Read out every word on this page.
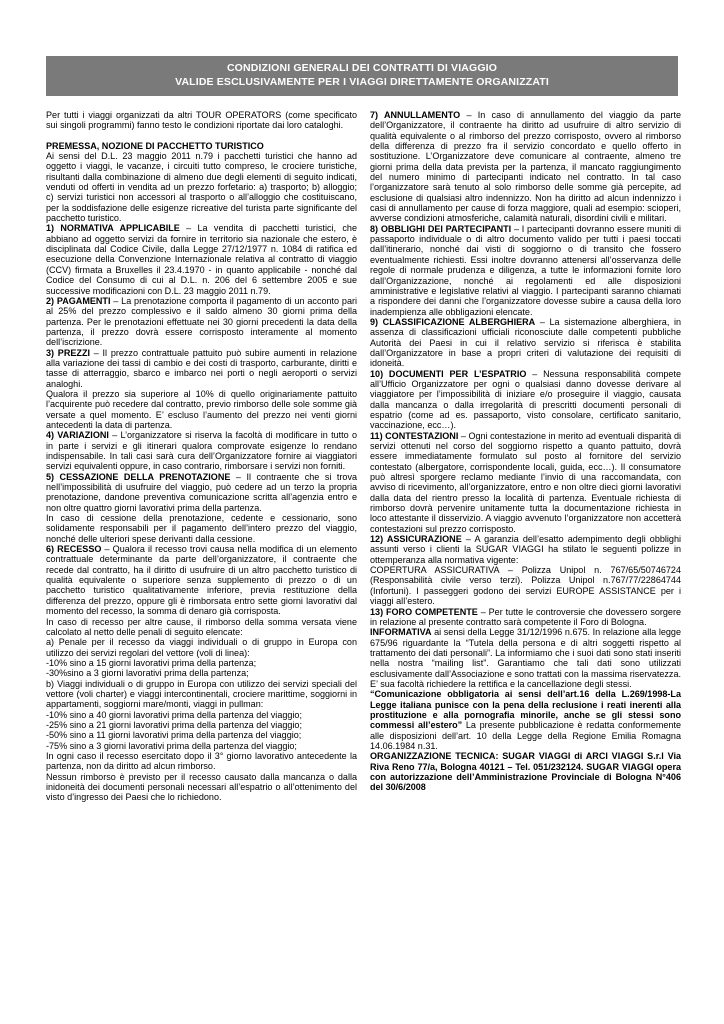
CONDIZIONI GENERALI DEI CONTRATTI DI VIAGGIO
VALIDE ESCLUSIVAMENTE PER I VIAGGI DIRETTAMENTE ORGANIZZATI

Per tutti i viaggi organizzati da altri TOUR OPERATORS (come specificato sui singoli programmi) fanno testo le condizioni riportate dai loro cataloghi.

PREMESSA, NOZIONE DI PACCHETTO TURISTICO

Ai sensi del D.L. 23 maggio 2011 n.79 i pacchetti turistici che hanno ad oggetto i viaggi, le vacanze, i circuiti tutto compreso, le crociere turistiche, risultanti dalla combinazione di almeno due degli elementi di seguito indicati, venduti od offerti in vendita ad un prezzo forfetario: a) trasporto; b) alloggio; c) servizi turistici non accessori al trasporto o all’alloggio che costituiscano, per la soddisfazione delle esigenze ricreative del turista parte significante del pacchetto turistico.

1) NORMATIVA APPLICABILE – La vendita di pacchetti turistici, che abbiano ad oggetto servizi da fornire in territorio sia nazionale che estero, è disciplinata dal Codice Civile, dalla Legge 27/12/1977 n. 1084 di ratifica ed esecuzione della Convenzione Internazionale relativa al contratto di viaggio (CCV) firmata a Bruxelles il 23.4.1970 - in quanto applicabile - nonché dal Codice del Consumo di cui al D.L. n. 206 del 6 settembre 2005 e sue successive modificazioni con D.L. 23 maggio 2011 n.79.

2) PAGAMENTI – La prenotazione comporta il pagamento di un acconto pari al 25% del prezzo complessivo e il saldo almeno 30 giorni prima della partenza. Per le prenotazioni effettuate nei 30 giorni precedenti la data della partenza, il prezzo dovrà essere corrisposto interamente al momento dell’iscrizione.

3) PREZZI – Il prezzo contrattuale pattuito può subire aumenti in relazione alla variazione dei tassi di cambio e dei costi di trasporto, carburante, diritti e tasse di atterraggio, sbarco e imbarco nei porti o negli aeroporti o servizi analoghi.

Qualora il prezzo sia superiore al 10% di quello originariamente pattuito l’acquirente può recedere dal contratto, previo rimborso delle sole somme già versate a quel momento. E’ escluso l’aumento del prezzo nei venti giorni antecedenti la data di partenza.

4) VARIAZIONI – L’organizzatore si riserva la facoltà di modificare in tutto o in parte i servizi e gli itinerari qualora comprovate esigenze lo rendano indispensabile. In tali casi sarà cura dell’Organizzatore fornire ai viaggiatori servizi equivalenti oppure, in caso contrario, rimborsare i servizi non forniti.

5) CESSAZIONE DELLA PRENOTAZIONE – Il contraente che si trova nell’impossibilità di usufruire del viaggio, può cedere ad un terzo la propria prenotazione, dandone preventiva comunicazione scritta all’agenzia entro e non oltre quattro giorni lavorativi prima della partenza.

In caso di cessione della prenotazione, cedente e cessionario, sono solidamente responsabili per il pagamento dell’intero prezzo del viaggio, nonché delle ulteriori spese derivanti dalla cessione.

6) RECESSO – Qualora il recesso trovi causa nella modifica di un elemento contrattuale determinante da parte dell’organizzatore, il contraente che recede dal contratto, ha il diritto di usufruire di un altro pacchetto turistico di qualità equivalente o superiore senza supplemento di prezzo o di un pacchetto turistico qualitativamente inferiore, previa restituzione della differenza del prezzo, oppure gli è rimborsata entro sette giorni lavorativi dal momento del recesso, la somma di denaro già corrisposta.

In caso di recesso per altre cause, il rimborso della somma versata viene calcolato al netto delle penali di seguito elencate:

a) Penale per il recesso da viaggi individuali o di gruppo in Europa con utilizzo dei servizi regolari del vettore (voli di linea):

-10% sino a 15 giorni lavorativi prima della partenza;

-30%sino a 3 giorni lavorativi prima della partenza;

b) Viaggi individuali o di gruppo in Europa con utilizzo dei servizi speciali del vettore (voli charter) e viaggi intercontinentali, crociere marittime, soggiorni in appartamenti, soggiorni mare/monti, viaggi in pullman:

-10% sino a 40 giorni lavorativi prima della partenza del viaggio;

-25% sino a 21 giorni lavorativi prima della partenza del viaggio;

-50% sino a 11 giorni lavorativi prima della partenza del viaggio;

-75% sino a 3 giorni lavorativi prima della partenza del viaggio;

In ogni caso il recesso esercitato dopo il 3° giorno lavorativo antecedente la partenza, non da diritto ad alcun rimborso.

Nessun rimborso è previsto per il recesso causato dalla mancanza o dalla inidoneità dei documenti personali necessari all’espatrio o all’ottenimento del visto d’ingresso dei Paesi che lo richiedono.

7) ANNULLAMENTO – In caso di annullamento del viaggio da parte dell’Organizzatore, il contraente ha diritto ad usufruire di altro servizio di qualità equivalente o al rimborso del prezzo corrisposto, ovvero al rimborso della differenza di prezzo fra il servizio concordato e quello offerto in sostituzione. L’Organizzatore deve comunicare al contraente, almeno tre giorni prima della data prevista per la partenza, il mancato raggiungimento del numero minimo di partecipanti indicato nel contratto. In tal caso l’organizzatore sarà tenuto al solo rimborso delle somme già percepite, ad esclusione di qualsiasi altro indennizzo. Non ha diritto ad alcun indennizzo i casi di annullamento per cause di forza maggiore, quali ad esempio: scioperi, avverse condizioni atmosferiche, calamità naturali, disordini civili e militari.

8) OBBLIGHI DEI PARTECIPANTI – I partecipanti dovranno essere muniti di passaporto individuale o di altro documento valido per tutti i paesi toccati dall’itinerario, nonché dai visti di soggiorno o di transito che fossero eventualmente richiesti. Essi inoltre dovranno attenersi all’osservanza delle regole di normale prudenza e diligenza, a tutte le informazioni fornite loro dall’Organizzazione, nonché ai regolamenti ed alle disposizioni amministrative e legislative relativi al viaggio. I partecipanti saranno chiamati a rispondere dei danni che l’organizzatore dovesse subire a causa della loro inadempienza alle obbligazioni elencate.

9) CLASSIFICAZIONE ALBERGHIERA – La sistemazione alberghiera, in assenza di classificazioni ufficiali riconosciute dalle competenti pubbliche Autorità dei Paesi in cui il relativo servizio si riferisca è stabilita dall’Organizzatore in base a propri criteri di valutazione dei requisiti di idoneità.

10) DOCUMENTI PER L’ESPATRIO – Nessuna responsabilità compete all’Ufficio Organizzatore per ogni o qualsiasi danno dovesse derivare al viaggiatore per l’impossibilità di iniziare e/o proseguire il viaggio, causata dalla mancanza o dalla irregolarità di prescritti documenti personali di espatrio (come ad es. passaporto, visto consolare, certificato sanitario, vaccinazione, ecc…).

11) CONTESTAZIONI – Ogni contestazione in merito ad eventuali disparità di servizi ottenuti nel corso del soggiorno rispetto a quanto pattuito, dovrà essere immediatamente formulato sul posto al fornitore del servizio contestato (albergatore, corrispondente locali, guida, ecc…). Il consumatore può altresì sporgere reclamo mediante l’invio di una raccomandata, con avviso di ricevimento, all’organizzatore, entro e non oltre dieci giorni lavorativi dalla data del rientro presso la località di partenza. Eventuale richiesta di rimborso dovrà pervenire unitamente tutta la documentazione richiesta in loco attestante il disservizio. A viaggio avvenuto l’organizzatore non accetterà contestazioni sul prezzo corrisposto.

12) ASSICURAZIONE – A garanzia dell’esatto adempimento degli obblighi assunti verso i clienti la SUGAR VIAGGI ha stilato le seguenti polizze in ottemperanza alla normativa vigente:

COPERTURA ASSICURATIVA – Polizza Unipol n. 767/65/50746724 (Responsabilità civile verso terzi). Polizza Unipol n.767/77/22864744 (Infortuni). I passeggeri godono dei servizi EUROPE ASSISTANCE per i viaggi all’estero.

13) FORO COMPETENTE – Per tutte le controversie che dovessero sorgere in relazione al presente contratto sarà competente il Foro di Bologna.

INFORMATIVA ai sensi della Legge 31/12/1996 n.675. In relazione alla legge 675/96 riguardante la “Tutela della persona e di altri soggetti rispetto al trattamento dei dati personali”. La informiamo che i suoi dati sono stati inseriti nella nostra “mailing list”. Garantiamo che tali dati sono utilizzati esclusivamente dall’Associazione e sono trattati con la massima riservatezza. E’ sua facoltà richiedere la rettifica e la cancellazione degli stessi.

“Comunicazione obbligatoria ai sensi dell’art.16 della L.269/1998-La Legge italiana punisce con la pena della reclusione i reati inerenti alla prostituzione e alla pornografia minorile, anche se gli stessi sono commessi all’estero” La presente pubblicazione è redatta conformemente alle disposizioni dell’art. 10 della Legge della Regione Emilia Romagna 14.06.1984 n.31.

ORGANIZZAZIONE TECNICA: SUGAR VIAGGI di ARCI VIAGGI S.r.l Via Riva Reno 77/a, Bologna 40121 – Tel. 051/232124. SUGAR VIAGGI opera con autorizzazione dell’Amministrazione Provinciale di Bologna N°406 del 30/6/2008
